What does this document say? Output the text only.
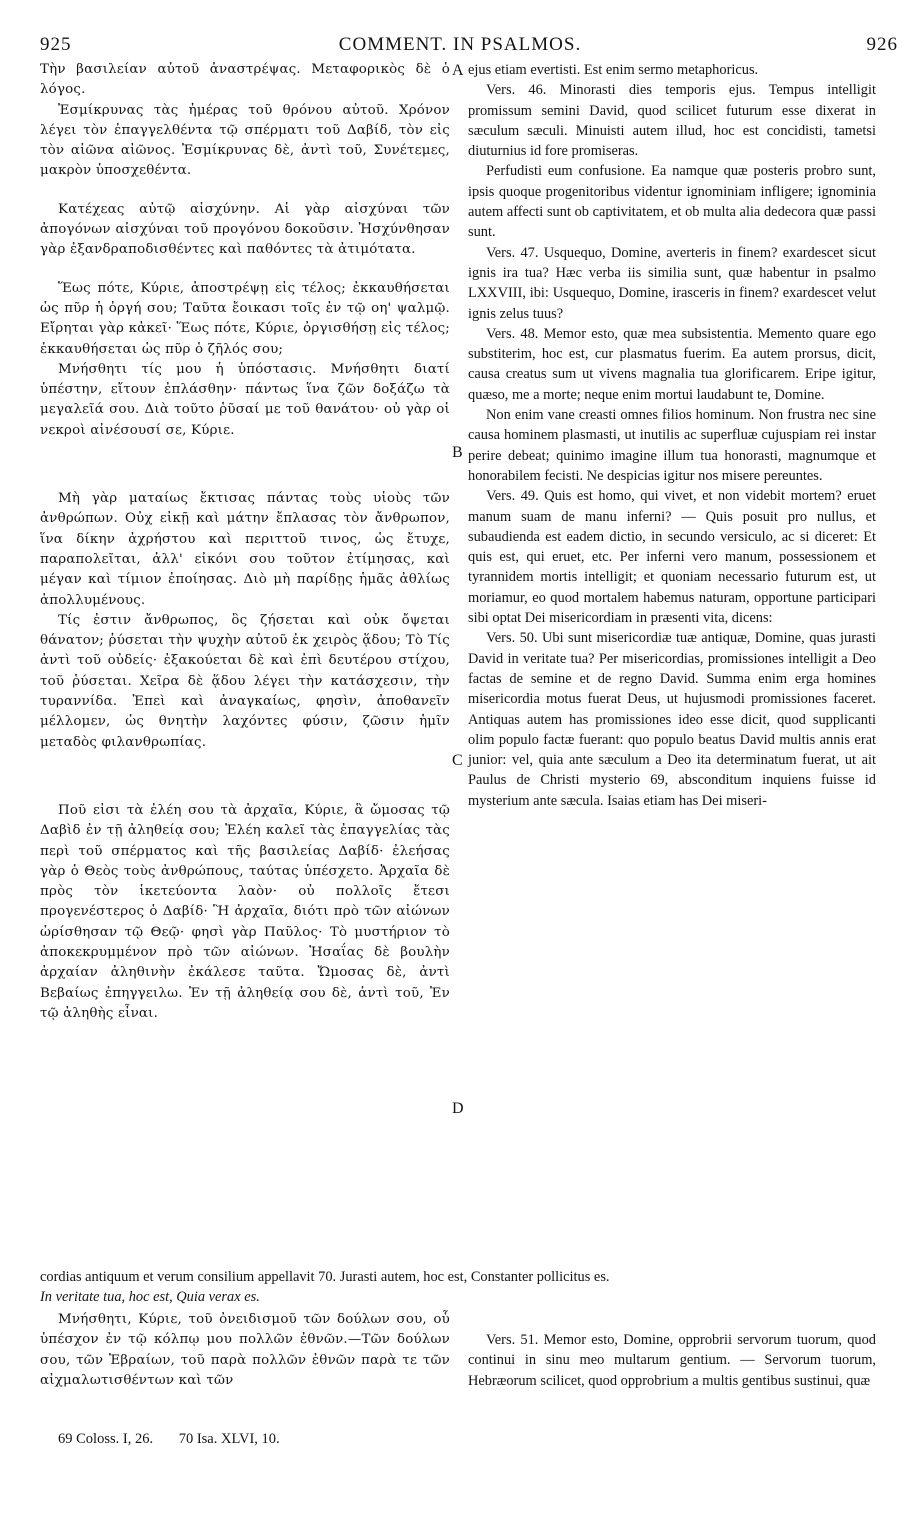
925	COMMENT. IN PSALMOS.	926
A
B
C
D

Τὴν βασιλείαν αὐτοῦ ἀναστρέψας. Μεταφορικὸς δὲ ὁ λόγος.

Ἐσμίκρυνας τὰς ἡμέρας τοῦ θρόνου αὐτοῦ. Χρόνον λέγει τὸν ἐπαγγελθέντα τῷ σπέρματι τοῦ Δαβίδ, τὸν εἰς τὸν αἰῶνα αἰῶνος. Ἐσμίκρυνας δὲ, ἀντὶ τοῦ, Συνέτεμες, μακρὸν ὑποσχεθέντα.

Κατέχεας αὐτῷ αἰσχύνην. Αἱ γὰρ αἰσχύναι τῶν ἀπογόνων αἰσχύναι τοῦ προγόνου δοκοῦσιν. Ἠσχύνθησαν γὰρ ἐξανδραποδισθέντες καὶ παθόντες τὰ ἀτιμότατα.

Ἕως πότε, Κύριε, ἀποστρέψῃ εἰς τέλος; ἐκκαυθήσεται ὡς πῦρ ἡ ὀργή σου; Ταῦτα ἔοικασι τοῖς ἐν τῷ οη' ψαλμῷ. Εἴρηται γὰρ κἀκεῖ· Ἕως πότε, Κύριε, ὀργισθήσῃ εἰς τέλος; ἐκκαυθήσεται ὡς πῦρ ὁ ζῆλός σου;

Μνήσθητι τίς μου ἡ ὑπόστασις. Μνήσθητι διατί ὑπέστην, εἴτουν ἐπλάσθην· πάντως ἵνα ζῶν δοξάζω τὰ μεγαλεῖά σου. Διὰ τοῦτο ῥῦσαί με τοῦ θανάτου· οὐ γὰρ οἱ νεκροὶ αἰνέσουσί σε, Κύριε.

Μὴ γὰρ ματαίως ἔκτισας πάντας τοὺς υἱοὺς τῶν ἀνθρώπων. Οὐχ εἰκῇ καὶ μάτην ἔπλασας τὸν ἄνθρωπον, ἵνα δίκην ἀχρήστου καὶ περιττοῦ τινος, ὡς ἔτυχε, παραπολεῖται, ἀλλ' εἰκόνι σου τοῦτον ἐτίμησας, καὶ μέγαν καὶ τίμιον ἐποίησας. Διὸ μὴ παρίδῃς ἡμᾶς ἀθλίως ἀπολλυμένους.

Τίς ἐστιν ἄνθρωπος, ὃς ζήσεται καὶ οὐκ ὄψεται θάνατον; ῥύσεται τὴν ψυχὴν αὐτοῦ ἐκ χειρὸς ᾅδου; Τὸ Τίς ἀντὶ τοῦ οὐδείς· ἐξακούεται δὲ καὶ ἐπὶ δευτέρου στίχου, τοῦ ῥύσεται. Χεῖρα δὲ ᾅδου λέγει τὴν κατάσχεσιν, τὴν τυραννίδα. Ἐπεὶ καὶ ἀναγκαίως, φησὶν, ἀποθανεῖν μέλλομεν, ὡς θνητὴν λαχόντες φύσιν, ζῶσιν ἡμῖν μεταδὸς φιλανθρωπίας.

Ποῦ εἰσι τὰ ἐλέη σου τὰ ἀρχαῖα, Κύριε, ἃ ὤμοσας τῷ Δαβὶδ ἐν τῇ ἀληθείᾳ σου; Ἐλέη καλεῖ τὰς ἐπαγγελίας τὰς περὶ τοῦ σπέρματος καὶ τῆς βασιλείας Δαβίδ· ἐλεήσας γὰρ ὁ Θεὸς τοὺς ἀνθρώπους, ταύτας ὑπέσχετο. Ἀρχαῖα δὲ πρὸς τὸν ἱκετεύοντα λαὸν· οὐ πολλοῖς ἔτεσι προγενέστερος ὁ Δαβίδ· Ἢ ἀρχαῖα, διότι πρὸ τῶν αἰώνων ὡρίσθησαν τῷ Θεῷ· φησὶ γὰρ Παῦλος· Τὸ μυστήριον τὸ ἀποκεκρυμμένον πρὸ τῶν αἰώνων. Ἡσαΐας δὲ βουλὴν ἀρχαίαν ἀληθινὴν ἐκάλεσε ταῦτα. Ὤμοσας δὲ, ἀντὶ Βεβαίως ἐπηγγειλω. Ἐν τῇ ἀληθείᾳ σου δὲ, ἀντὶ τοῦ, Ἐν τῷ ἀληθὴς εἶναι.

ejus etiam evertisti. Est enim sermo metaphoricus.

Vers. 46. Minorasti dies temporis ejus. Tempus intelligit promissum semini David, quod scilicet futurum esse dixerat in sæculum sæculi. Minuisti autem illud, hoc est concidisti, tametsi diuturnius id fore promiseras.

Perfudisti eum confusione. Ea namque quæ posteris probro sunt, ipsis quoque progenitoribus videntur ignominiam infligere; ignominia autem affecti sunt ob captivitatem, et ob multa alia dedecora quæ passi sunt.

Vers. 47. Usquequo, Domine, averteris in finem? exardescet sicut ignis ira tua? Hæc verba iis similia sunt, quæ habentur in psalmo LXXVIII, ibi: Usquequo, Domine, irasceris in finem? exardescet velut ignis zelus tuus?

Vers. 48. Memor esto, quæ mea subsistentia. Memento quare ego substiterim, hoc est, cur plasmatus fuerim. Ea autem prorsus, dicit, causa creatus sum ut vivens magnalia tua glorificarem. Eripe igitur, quæso, me a morte; neque enim mortui laudabunt te, Domine.

Non enim vane creasti omnes filios hominum. Non frustra nec sine causa hominem plasmasti, ut inutilis ac superfluæ cujuspiam rei instar perire debeat; quinimo imagine illum tua honorasti, magnumque et honorabilem fecisti. Ne despicias igitur nos misere pereuntes.

Vers. 49. Quis est homo, qui vivet, et non videbit mortem? eruet manum suam de manu inferni? — Quis posuit pro nullus, et subaudienda est eadem dictio, in secundo versiculo, ac si diceret: Et quis est, qui eruet, etc. Per inferni vero manum, possessionem et tyrannidem mortis intelligit; et quoniam necessario futurum est, ut moriamur, eo quod mortalem habemus naturam, opportune participari sibi optat Dei misericordiam in præsenti vita, dicens:

Vers. 50. Ubi sunt misericordiæ tuæ antiquæ, Domine, quas jurasti David in veritate tua? Per misericordias, promissiones intelligit a Deo factas de semine et de regno David. Summa enim erga homines misericordia motus fuerat Deus, ut hujusmodi promissiones faceret. Antiquas autem has promissiones ideo esse dicit, quod supplicanti olim populo factæ fuerant: quo populo beatus David multis annis erat junior: vel, quia ante sæculum a Deo ita determinatum fuerat, ut ait Paulus de Christi mysterio 69, absconditum inquiens fuisse id mysterium ante sæcula. Isaias etiam has Dei miseri-

cordias antiquum et verum consilium appellavit 70. Jurasti autem, hoc est, Constanter pollicitus es.
In veritate tua, hoc est, Quia verax es.

Μνήσθητι, Κύριε, τοῦ ὀνειδισμοῦ τῶν δούλων σου, οὗ ὑπέσχον ἐν τῷ κόλπῳ μου πολλῶν ἐθνῶν.—Τῶν δούλων σου, τῶν Ἑβραίων, τοῦ παρὰ πολλῶν ἐθνῶν παρὰ τε τῶν αἰχμαλωτισθέντων καὶ τῶν

Vers. 51. Memor esto, Domine, opprobrii servorum tuorum, quod continui in sinu meo multarum gentium. — Servorum tuorum, Hebræorum scilicet, quod opprobrium a multis gentibus sustinui, quæ

69 Coloss. I, 26. 70 Isa. XLVI, 10.
